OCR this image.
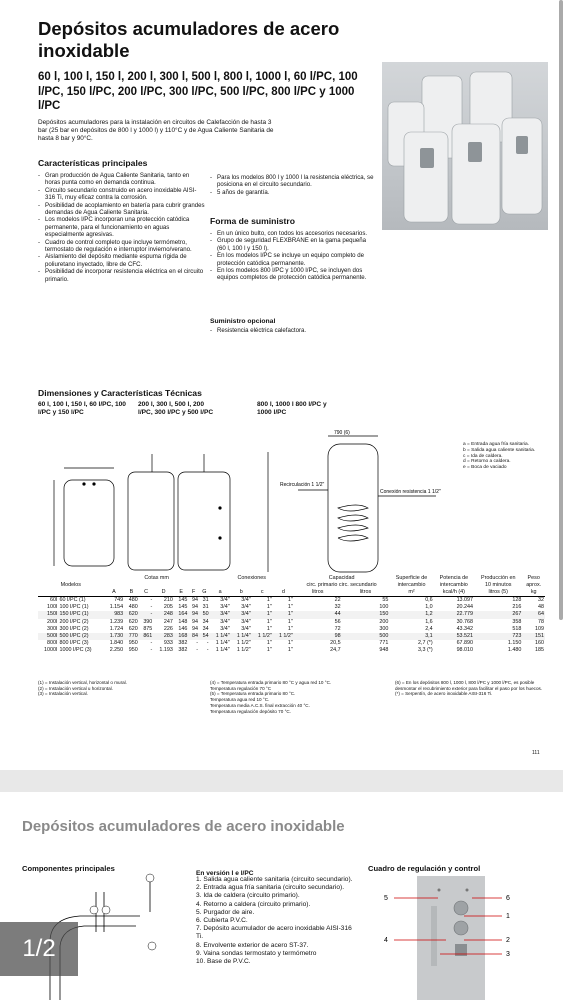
Depósitos acumuladores de acero inoxidable
60 l, 100 l, 150 l, 200 l, 300 l, 500 l, 800 l, 1000 l, 60 l/PC, 100 l/PC, 150 l/PC, 200 l/PC, 300 l/PC, 500 l/PC, 800 l/PC y 1000 l/PC
Depósitos acumuladores para la instalación en circuitos de Calefacción de hasta 3 bar (25 bar en depósitos de 800 l y 1000 l) y 110°C y de Agua Caliente Sanitaria de hasta 8 bar y 90°C.
Características principales
- Gran producción de Agua Caliente Sanitaria, tanto en horas punta como en demanda continua.
- Circuito secundario construido en acero inoxidable AISI-316 Ti, muy eficaz contra la corrosión.
- Posibilidad de acoplamiento en batería para cubrir grandes demandas de Agua Caliente Sanitaria.
- Los modelos l/PC incorporan una protección catódica permanente, para el funcionamiento en aguas especialmente agresivas.
- Cuadro de control completo que incluye termómetro, termostato de regulación e interruptor invierno/verano.
- Aislamiento del depósito mediante espuma rígida de poliuretano inyectado, libre de CFC.
- Posibilidad de incorporar resistencia eléctrica en el circuito primario.
- Para los modelos 800 l y 1000 l la resistencia eléctrica, se posiciona en el circuito secundario.
- 5 años de garantía.
Forma de suministro
- En un único bulto, con todos los accesorios necesarios.
- Grupo de seguridad FLEXBRANE en la gama pequeña (60 l, 100 l y 150 l).
- En los modelos l/PC se incluye un equipo completo de protección catódica permanente.
- En los modelos 800 l/PC y 1000 l/PC, se incluyen dos equipos completos de protección catódica permanente.
Suministro opcional
- Resistencia eléctrica calefactora.
Dimensiones y Características Técnicas
60 l, 100 l, 150 l, 60 l/PC, 100 l/PC y 150 l/PC
200 l, 300 l, 500 l, 200 l/PC, 300 l/PC y 500 l/PC
800 l, 1000 l 800 l/PC y 1000 l/PC
790 (6)
Recirculación 1 1/2"
Conexión resistencia 1 1/2"
a = Entrada agua fría sanitaria.
b = Salida agua caliente sanitaria.
c = Ida de caldera.
d = Retorno a caldera.
e = Boca de vaciado
		Cotas mm							Conexiones				Capacidad		Superficie de	Potencia de	Producción en	Peso
Modelos													circ. primario circ. secundario		intercambio	intercambio	10 minutos	aprox.
		A	B	C	D	E	F	G	a	b	c	d	litros	litros	m²	kcal/h (4)	litros (5)	kg
60I	60 I/PC (1)	749	480	-	210	145	94	31	3/4"	3/4"	1"	1"	22	55	0,6	13.097	128	32
100I	100 I/PC (1)	1.154	480	-	205	145	94	31	3/4"	3/4"	1"	1"	32	100	1,0	20.244	216	48
150I	150 I/PC (1)	983	620	-	248	164	94	50	3/4"	3/4"	1"	1"	44	150	1,2	22.779	267	64
200I	200 I/PC (2)	1.239	620	390	247	148	94	34	3/4"	3/4"	1"	1"	56	200	1,6	30.768	358	78
300I	300 I/PC (2)	1.724	620	875	226	146	94	34	3/4"	3/4"	1"	1"	72	300	2,4	43.342	518	109
500I	500 I/PC (2)	1.730	770	861	283	168	84	54	1 1/4"	1 1/4"	1 1/2"	1 1/2"	98	500	3,1	53.521	723	151
800I	800 I/PC (3)	1.840	950	-	933	382	-	-	1 1/4"	1 1/2"	1"	1"	20,5	771	2,7 (*)	67.890	1.150	160
1000I	1000 I/PC (3)	2.250	950	-	1.193	382	-	-	1 1/4"	1 1/2"	1"	1"	24,7	948	3,3 (*)	98.010	1.480	185
(1) = Instalación vertical, horizontal o mural.
(2) = Instalación vertical u horizontal.
(3) = Instalación vertical.
(4) = Temperatura entrada primario 80 °C y agua red 10 °C.
Temperatura regulación 70 °C
(5) = Temperatura entrada primario 80 °C.
Temperatura agua red 10 °C.
Temperatura media A.C.S. final extracción 40 °C.
Temperatura regulación depósito 70 °C.
(6) = En los depósitos 800 l, 1000 l, 800 l/PC y 1000 l/PC, es posible desmontar el recubrimiento exterior para facilitar el paso por los huecos.
(*) = Serpentín, de acero inoxidable AISI-316 Ti.
111
Depósitos acumuladores de acero inoxidable
Componentes principales	Cuadro de regulación y control
En versión I e I/PC
1. Salida agua caliente sanitaria (circuito secundario).
2. Entrada agua fría sanitaria (circuito secundario).
3. Ida de caldera (circuito primario).
4. Retorno a caldera (circuito primario).
5. Purgador de aire.
6. Cubierta P.V.C.
7. Depósito acumulador de acero inoxidable AISI-316 Ti.
8. Envolvente exterior de acero ST-37.
9. Vaina sondas termostato y termómetro
10. Base de P.V.C.
5	6
1
4	2
3
1/2
